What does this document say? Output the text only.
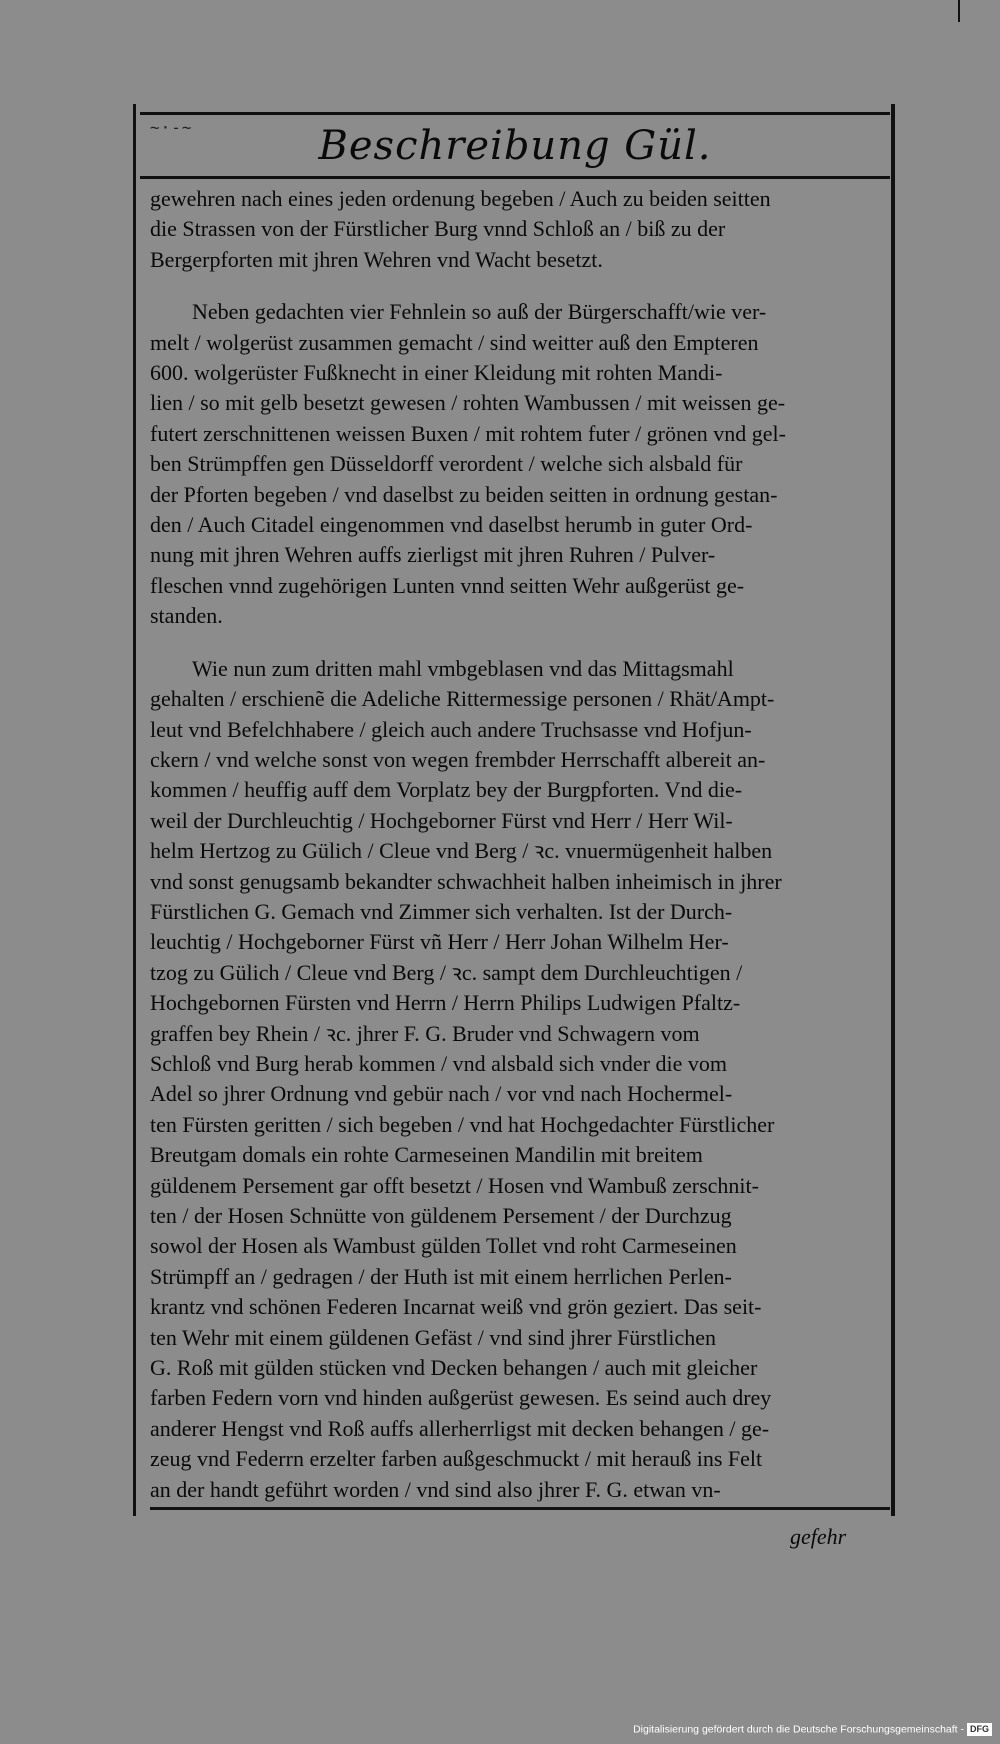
~·-~	Beschreibung Gül.
gewehren nach eines jeden ordenung begeben / Auch zu beiden seitten
die Strassen von der Fürstlicher Burg vnnd Schloß an / biß zu der
Bergerpforten mit jhren Wehren vnd Wacht besetzt.
Neben gedachten vier Fehnlein so auß der Bürgerschafft/wie ver-
melt / wolgerüst zusammen gemacht / sind weitter auß den Empteren
600. wolgerüster Fußknecht in einer Kleidung mit rohten Mandi-
lien / so mit gelb besetzt gewesen / rohten Wambussen / mit weissen ge-
futert zerschnittenen weissen Buxen / mit rohtem futer / grönen vnd gel-
ben Strümpffen gen Düsseldorff verordent / welche sich alsbald für
der Pforten begeben / vnd daselbst zu beiden seitten in ordnung gestan-
den / Auch Citadel eingenommen vnd daselbst herumb in guter Ord-
nung mit jhren Wehren auffs zierligst mit jhren Ruhren / Pulver-
fleschen vnnd zugehörigen Lunten vnnd seitten Wehr außgerüst ge-
standen.
Wie nun zum dritten mahl vmbgeblasen vnd das Mittagsmahl
gehalten / erschienẽ die Adeliche Rittermessige personen / Rhät/Ampt-
leut vnd Befelchhabere / gleich auch andere Truchsasse vnd Hofjun-
ckern / vnd welche sonst von wegen frembder Herrschafft albereit an-
kommen / heuffig auff dem Vorplatz bey der Burgpforten. Vnd die-
weil der Durchleuchtig / Hochgeborner Fürst vnd Herr / Herr Wil-
helm Hertzog zu Gülich / Cleue vnd Berg / ꝛc. vnuermügenheit halben
vnd sonst genugsamb bekandter schwachheit halben inheimisch in jhrer
Fürstlichen G. Gemach vnd Zimmer sich verhalten. Ist der Durch-
leuchtig / Hochgeborner Fürst vñ Herr / Herr Johan Wilhelm Her-
tzog zu Gülich / Cleue vnd Berg / ꝛc. sampt dem Durchleuchtigen /
Hochgebornen Fürsten vnd Herrn / Herrn Philips Ludwigen Pfaltz-
graffen bey Rhein / ꝛc. jhrer F. G. Bruder vnd Schwagern vom
Schloß vnd Burg herab kommen / vnd alsbald sich vnder die vom
Adel so jhrer Ordnung vnd gebür nach / vor vnd nach Hochermel-
ten Fürsten geritten / sich begeben / vnd hat Hochgedachter Fürstlicher
Breutgam domals ein rohte Carmeseinen Mandilin mit breitem
güldenem Persement gar offt besetzt / Hosen vnd Wambuß zerschnit-
ten / der Hosen Schnütte von güldenem Persement / der Durchzug
sowol der Hosen als Wambust gülden Tollet vnd roht Carmeseinen
Strümpff an / gedragen / der Huth ist mit einem herrlichen Perlen-
krantz vnd schönen Federen Incarnat weiß vnd grön geziert. Das seit-
ten Wehr mit einem güldenen Gefäst / vnd sind jhrer Fürstlichen
G. Roß mit gülden stücken vnd Decken behangen / auch mit gleicher
farben Federn vorn vnd hinden außgerüst gewesen. Es seind auch drey
anderer Hengst vnd Roß auffs allerherrligst mit decken behangen / ge-
zeug vnd Federrn erzelter farben außgeschmuckt / mit herauß ins Felt
an der handt geführt worden / vnd sind also jhrer F. G. etwan vn-
gefehr
Digitalisierung gefördert durch die Deutsche Forschungsgemeinschaft - DFG
